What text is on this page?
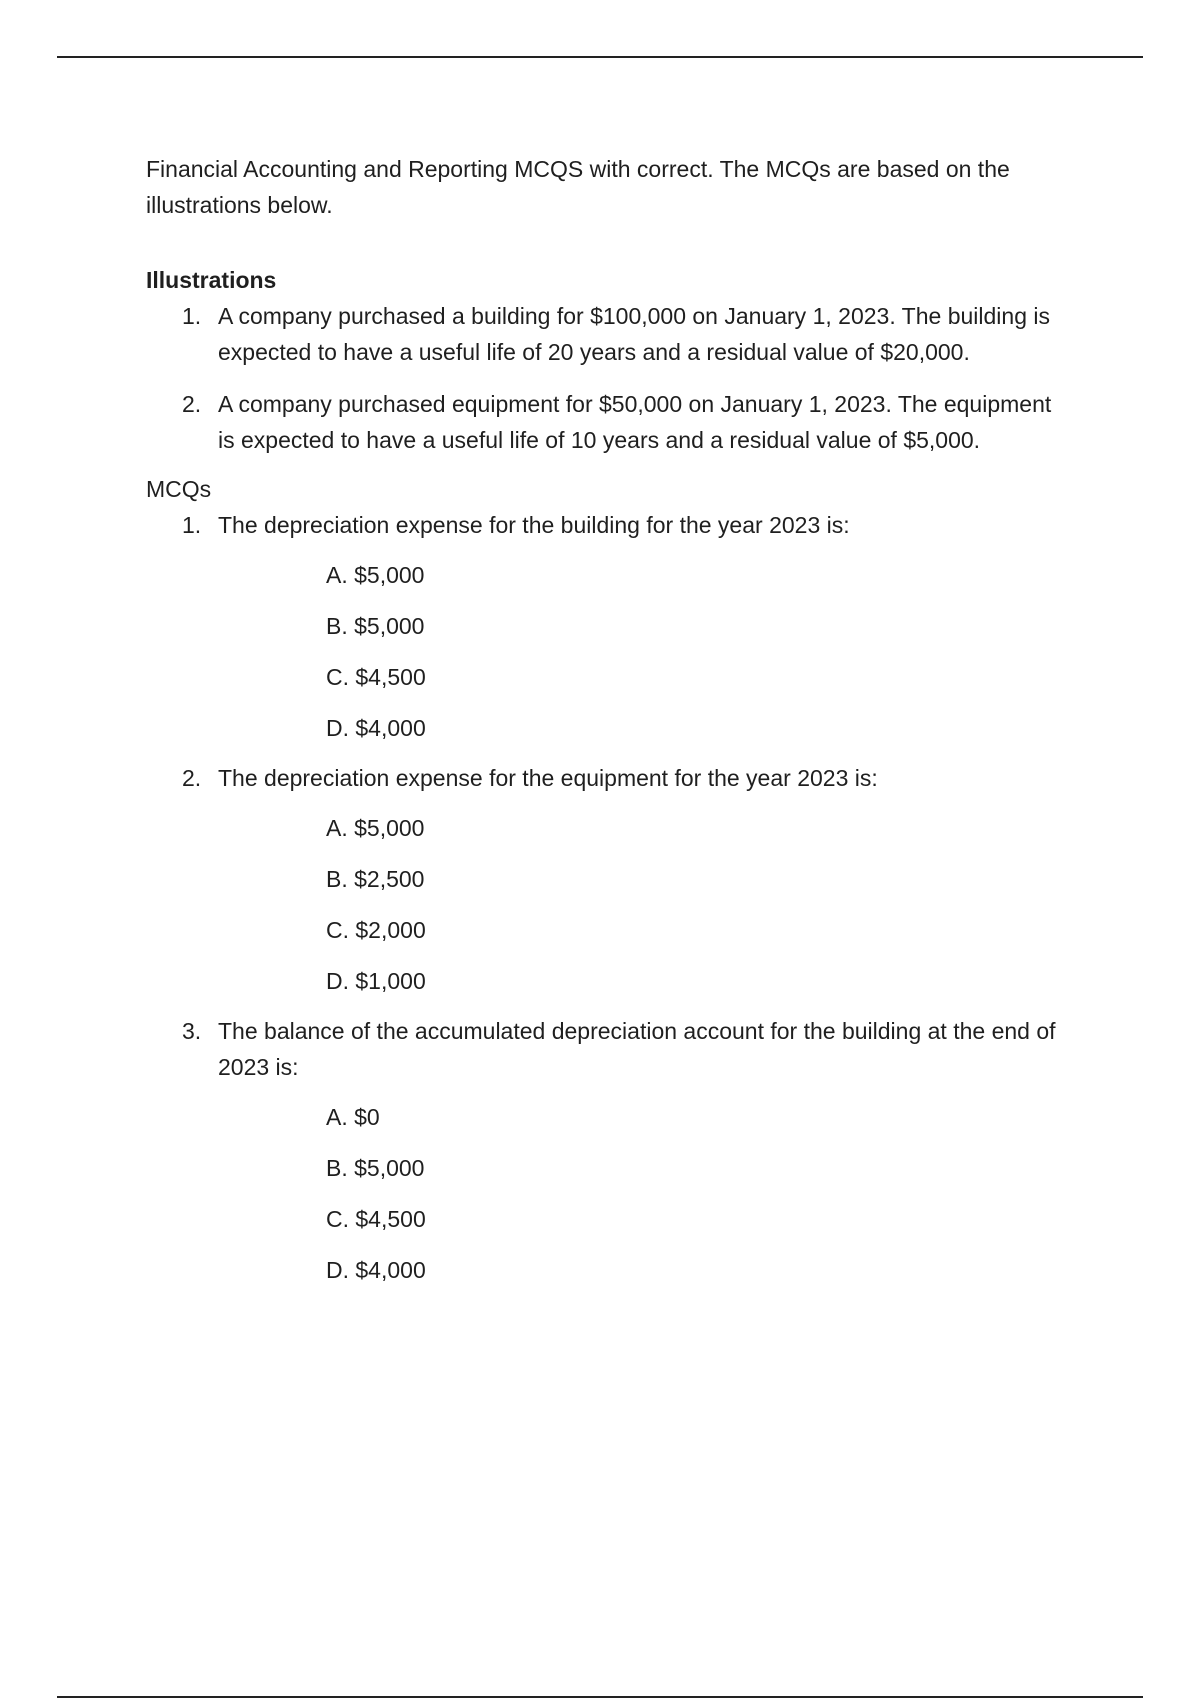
Financial Accounting and Reporting MCQS with correct. The MCQs are based on the illustrations below.

Illustrations

1. A company purchased a building for $100,000 on January 1, 2023. The building is expected to have a useful life of 20 years and a residual value of $20,000.
2. A company purchased equipment for $50,000 on January 1, 2023. The equipment is expected to have a useful life of 10 years and a residual value of $5,000.

MCQs

1. The depreciation expense for the building for the year 2023 is:
A. $5,000
B. $5,000
C. $4,500
D. $4,000
2. The depreciation expense for the equipment for the year 2023 is:
A. $5,000
B. $2,500
C. $2,000
D. $1,000
3. The balance of the accumulated depreciation account for the building at the end of 2023 is:
A. $0
B. $5,000
C. $4,500
D. $4,000
